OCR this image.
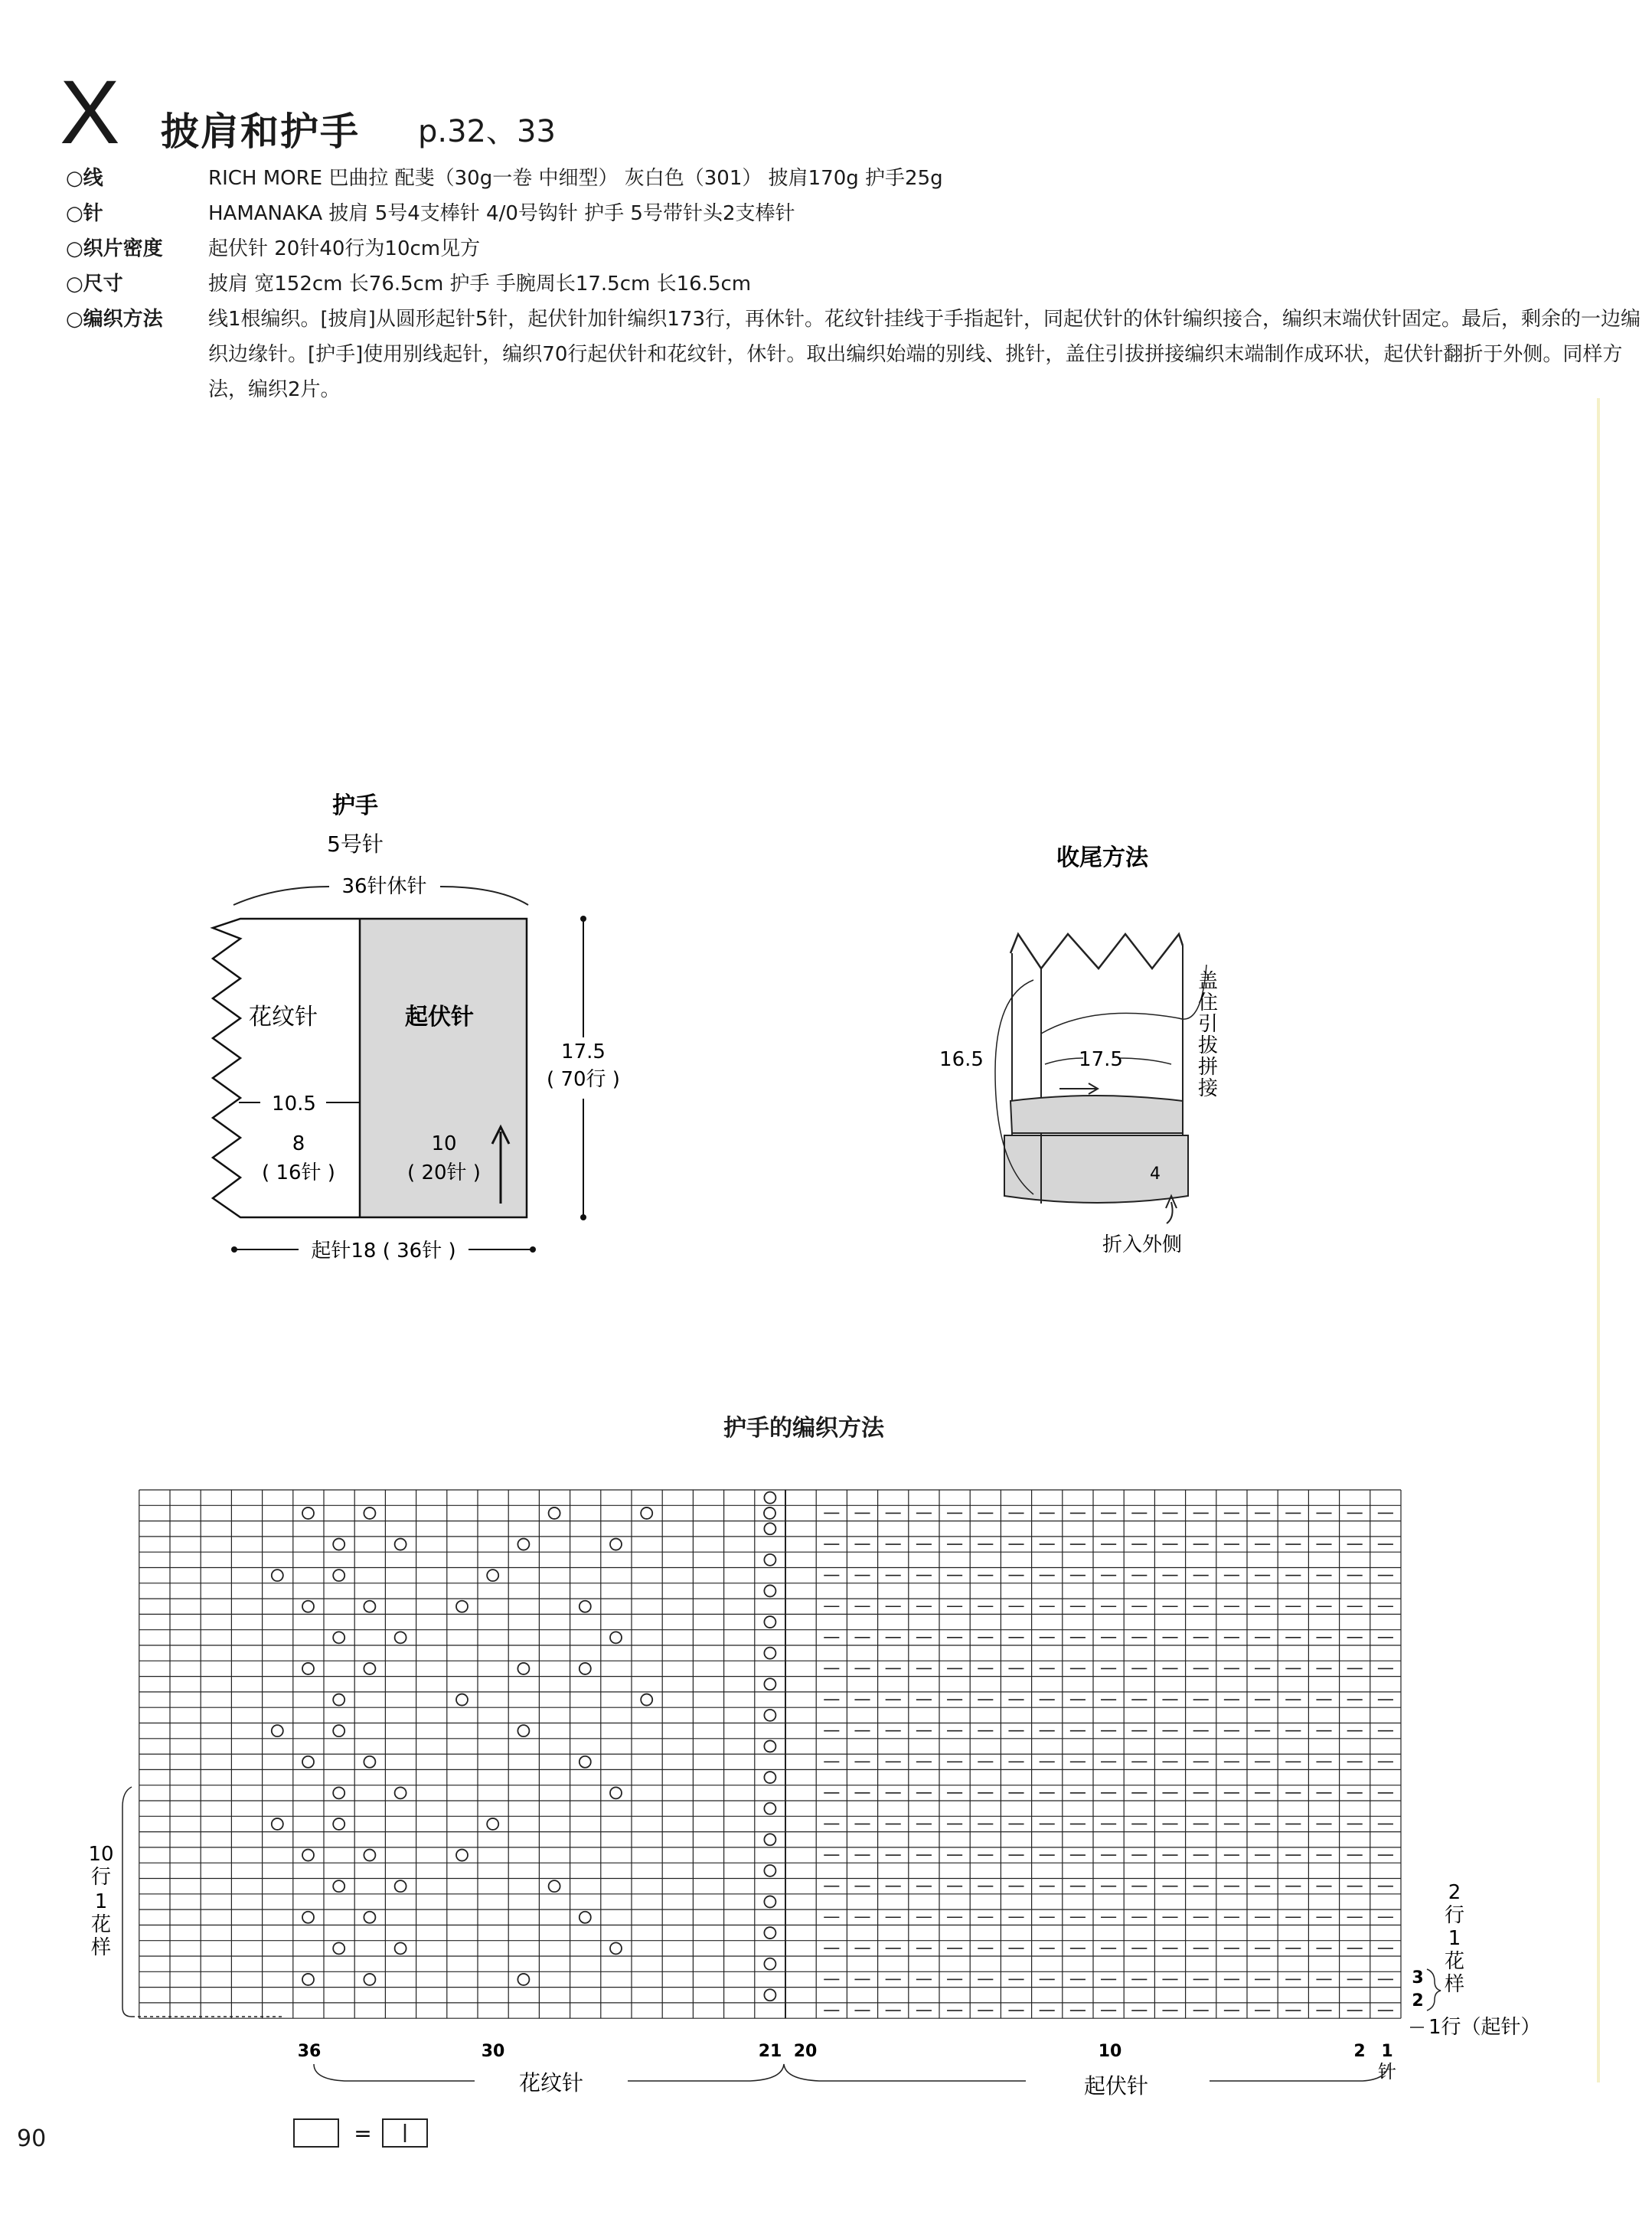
X 披肩和护手 p.32、33
○线	RICH MORE 巴曲拉 配斐（30g一卷 中细型） 灰白色（301） 披肩170g 护手25g
○针	HAMANAKA 披肩 5号4支棒针 4/0号钩针 护手 5号带针头2支棒针
○织片密度 起伏针 20针40行为10cm见方
○尺寸	披肩 宽152cm 长76.5cm 护手 手腕周长17.5cm 长16.5cm
○编织方法 线1根编织。[披肩]从圆形起针5针，起伏针加针编织173行，再休针。花纹针挂线于手指起针，同起伏针的休针编织接合，编织末端伏针固定。最后，剩余的一边编织边缘针。[护手]使用别线起针，编织70行起伏针和花纹针，休针。取出编织始端的别线、挑针，盖住引拔拼接编织末端制作成环状，起伏针翻折于外侧。同样方法，编织2片。
护手
5号针
36针休针
花纹针	起伏针
10.5
8
( 16针 )
10
( 20针 )
17.5
( 70行 )
起针18 ( 36针 )
收尾方法
16.5	17.5
盖
住
引
拔
拼
接
4
折入外侧
护手的编织方法
10
行
1
花
样
2
行
1
花
样
3
2
1行（起针）
36	30	21 20	10	2 1
针
花纹针	起伏针
=
90
